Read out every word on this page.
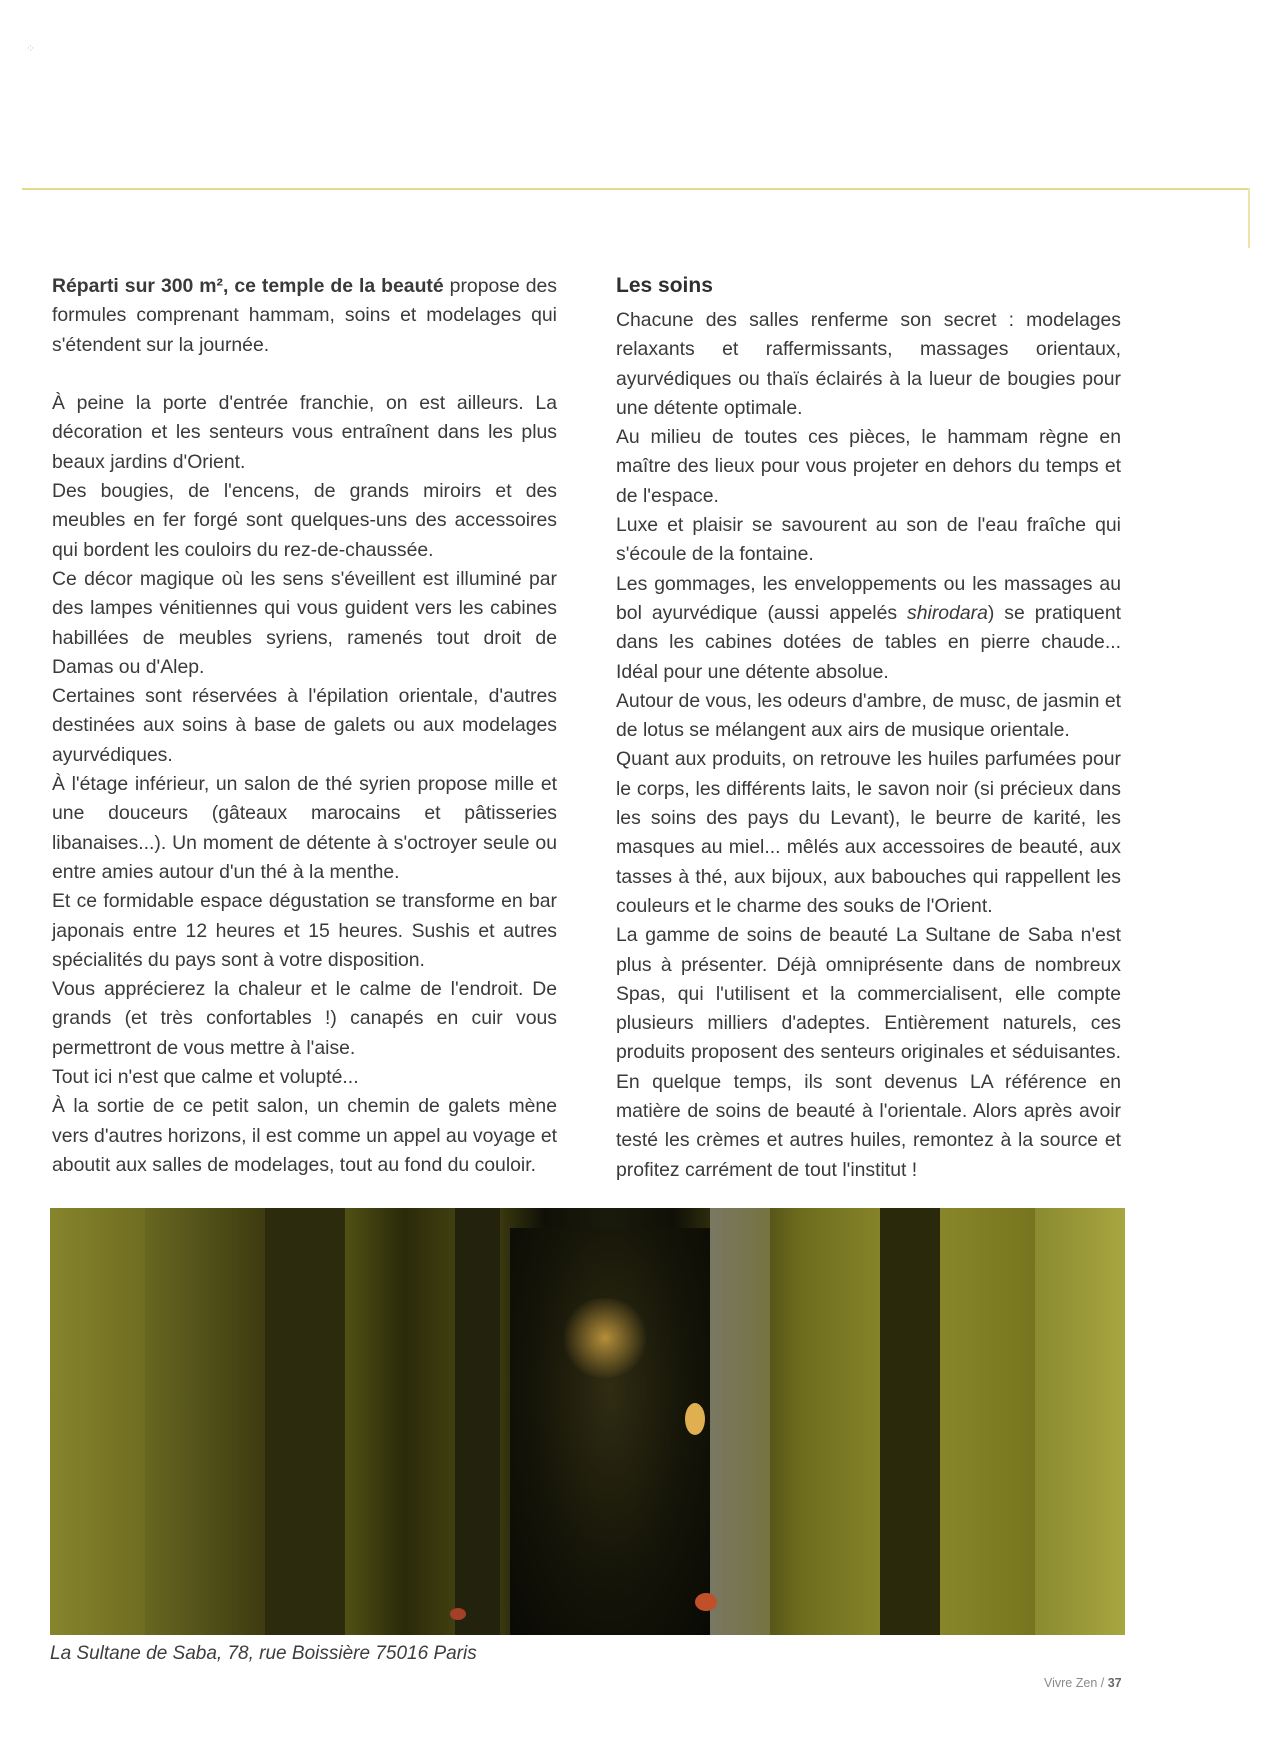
⁘

Réparti sur 300 m², ce temple de la beauté propose des formules comprenant hammam, soins et modelages qui s'étendent sur la journée.

À peine la porte d'entrée franchie, on est ailleurs. La décoration et les senteurs vous entraînent dans les plus beaux jardins d'Orient.

Des bougies, de l'encens, de grands miroirs et des meubles en fer forgé sont quelques-uns des accessoires qui bordent les couloirs du rez-de-chaussée.

Ce décor magique où les sens s'éveillent est illuminé par des lampes vénitiennes qui vous guident vers les cabines habillées de meubles syriens, ramenés tout droit de Damas ou d'Alep.

Certaines sont réservées à l'épilation orientale, d'autres destinées aux soins à base de galets ou aux modelages ayurvédiques.

À l'étage inférieur, un salon de thé syrien propose mille et une douceurs (gâteaux marocains et pâtisseries libanaises...). Un moment de détente à s'octroyer seule ou entre amies autour d'un thé à la menthe.

Et ce formidable espace dégustation se transforme en bar japonais entre 12 heures et 15 heures. Sushis et autres spécialités du pays sont à votre disposition.

Vous apprécierez la chaleur et le calme de l'endroit. De grands (et très confortables !) canapés en cuir vous permettront de vous mettre à l'aise.

Tout ici n'est que calme et volupté...

À la sortie de ce petit salon, un chemin de galets mène vers d'autres horizons, il est comme un appel au voyage et aboutit aux salles de modelages, tout au fond du couloir.

Les soins

Chacune des salles renferme son secret : modelages relaxants et raffermissants, massages orientaux, ayurvédiques ou thaïs éclairés à la lueur de bougies pour une détente optimale.

Au milieu de toutes ces pièces, le hammam règne en maître des lieux pour vous projeter en dehors du temps et de l'espace.

Luxe et plaisir se savourent au son de l'eau fraîche qui s'écoule de la fontaine.

Les gommages, les enveloppements ou les massages au bol ayurvédique (aussi appelés shirodara) se pratiquent dans les cabines dotées de tables en pierre chaude... Idéal pour une détente absolue.

Autour de vous, les odeurs d'ambre, de musc, de jasmin et de lotus se mélangent aux airs de musique orientale.

Quant aux produits, on retrouve les huiles parfumées pour le corps, les différents laits, le savon noir (si précieux dans les soins des pays du Levant), le beurre de karité, les masques au miel... mêlés aux accessoires de beauté, aux tasses à thé, aux bijoux, aux babouches qui rappellent les couleurs et le charme des souks de l'Orient.

La gamme de soins de beauté La Sultane de Saba n'est plus à présenter. Déjà omniprésente dans de nombreux Spas, qui l'utilisent et la commercialisent, elle compte plusieurs milliers d'adeptes. Entièrement naturels, ces produits proposent des senteurs originales et séduisantes. En quelque temps, ils sont devenus LA référence en matière de soins de beauté à l'orientale. Alors après avoir testé les crèmes et autres huiles, remontez à la source et profitez carrément de tout l'institut !

La Sultane de Saba, 78, rue Boissière 75016 Paris
Vivre Zen / 37
